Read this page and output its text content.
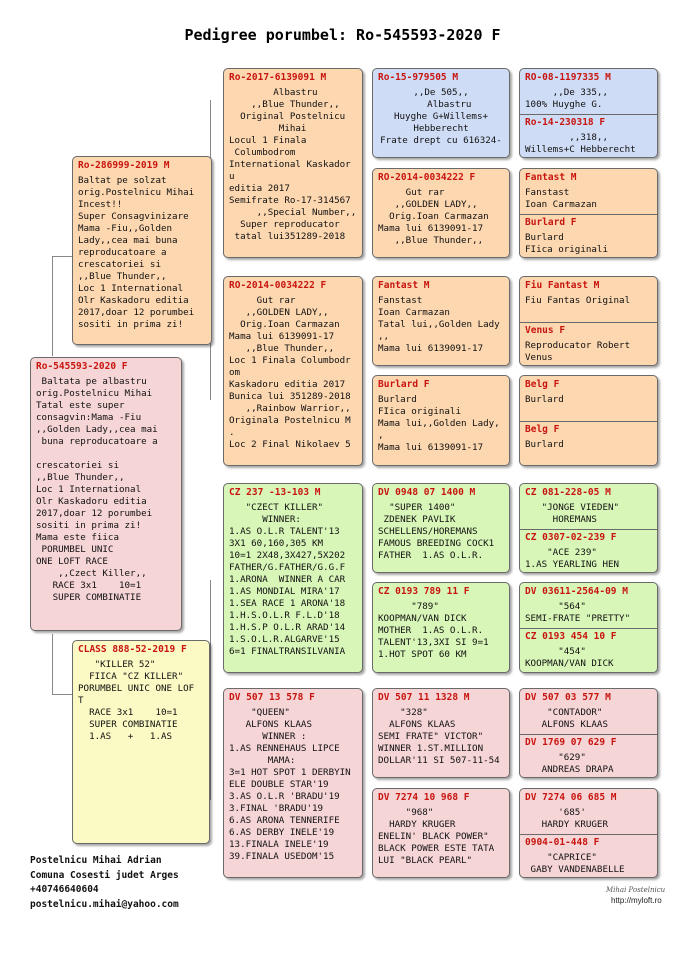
Pedigree porumbel: Ro-545593-2020 F
Ro-545593-2020 F
Baltata pe albastru
orig.Postelnicu Mihai
Tatal este super
consagvin:Mama -Fiu
,,Golden Lady,,cea mai
buna reproducatoare a

crescatoriei si
,,Blue Thunder,,
Loc 1 International
Olr Kaskadoru editia
2017,doar 12 porumbei
sositi in prima zi!
Mama este fiica
PORUMBEL UNIC
ONE LOFT RACE
,,Czect Killer,,
RACE 3x1    10=1
SUPER COMBINATIE
Ro-286999-2019 M
Baltat pe solzat
orig.Postelnicu Mihai
Incest!!
Super Consagvinizare
Mama -Fiu,,Golden
Lady,,cea mai buna
reproducatoare a
crescatoriei si
,,Blue Thunder,,
Loc 1 International
Olr Kaskadoru editia
2017,doar 12 porumbei
sositi in prima zi!
CLASS 888-52-2019 F
"KILLER 52"
FIICA "CZ KILLER"
PORUMBEL UNIC ONE LOF
T
RACE 3x1    10=1
SUPER COMBINATIE
1.AS   +   1.AS
Ro-2017-6139091 M
Albastru
,,Blue Thunder,,
Original Postelnicu
Mihai
Locul 1 Finala
Columbodrom
International Kaskador
u
editia 2017
Semifrate Ro-17-314567
,,Special Number,,
Super reproducator
tatal lui351289-2018
RO-2014-0034222 F
Gut rar
,,GOLDEN LADY,,
Orig.Ioan Carmazan
Mama lui 6139091-17
,,Blue Thunder,,
Loc 1 Finala Columbodr
om
Kaskadoru editia 2017
Bunica lui 351289-2018
,,Rainbow Warrior,,
Originala Postelnicu M
.
Loc 2 Final Nikolaev 5
CZ 237 -13-103 M
"CZECT KILLER"
WINNER:
1.AS O.L.R TALENT'13
3X1 60,160,305 KM
10=1 2X48,3X427,5X202
FATHER/G.FATHER/G.G.F
1.ARONA  WINNER A CAR
1.AS MONDIAL MIRA'17
1.SEA RACE 1 ARONA'18
1.H.S.O.L.R F.L.D'18
1.H.S.P O.L.R ARAD'14
1.S.O.L.R.ALGARVE'15
6=1 FINALTRANSILVANIA
DV 507 13 578 F
"QUEEN"
ALFONS KLAAS
WINNER :
1.AS RENNEHAUS LIPCE
MAMA:
3=1 HOT SPOT 1 DERBYIN
ELE DOUBLE STAR'19
3.AS O.L.R 'BRADU'19
3.FINAL 'BRADU'19
6.AS ARONA TENNERIFE
6.AS DERBY INELE'19
13.FINALA INELE'19
39.FINALA USEDOM'15
Ro-15-979505 M
,,De 505,,
Albastru
Huyghe G+Willems+
Hebberecht
Frate drept cu 616324-
RO-2014-0034222 F
Gut rar
,,GOLDEN LADY,,
Orig.Ioan Carmazan
Mama lui 6139091-17
,,Blue Thunder,,
Fantast M
Fanstast
Ioan Carmazan
Tatal lui,,Golden Lady
,,
Mama lui 6139091-17
Burlard F
Burlard
FIica originali
Mama lui,,Golden Lady,
,
Mama lui 6139091-17
DV 0948 07 1400 M
"SUPER 1400"
ZDENEK PAVLIK
SCHELLENS/HOREMANS
FAMOUS BREEDING COCK1
FATHER  1.AS O.L.R.
CZ 0193 789 11 F
"789"
KOOPMAN/VAN DICK
MOTHER  1.AS O.L.R.
TALENT'13,3XI SI 9=1
1.HOT SPOT 60 KM
DV 507 11 1328 M
"328"
ALFONS KLAAS
SEMI FRATE" VICTOR"
WINNER 1.ST.MILLION
DOLLAR'11 SI 507-11-54
DV 7274 10 968 F
"968"
HARDY KRUGER
ENELIN' BLACK POWER"
BLACK POWER ESTE TATA
LUI "BLACK PEARL"
RO-08-1197335 M
,,De 335,,
100% Huyghe G.
Ro-14-230318 F
,,318,,
Willems+C Hebberecht
Fantast M
Fanstast
Ioan Carmazan
Burlard F
Burlard
FIica originali
Fiu Fantast M
Fiu Fantas Original
Venus F
Reproducator Robert
Venus
Belg F
Burlard
Belg F
Burlard
CZ 081-228-05 M
"JONGE VIEDEN"
HOREMANS
CZ 0307-02-239 F
"ACE 239"
1.AS YEARLING HEN
DV 03611-2564-09 M
"564"
SEMI-FRATE "PRETTY"
CZ 0193 454 10 F
"454"
KOOPMAN/VAN DICK
DV 507 03 577 M
"CONTADOR"
ALFONS KLAAS
DV 1769 07 629 F
"629"
ANDREAS DRAPA
DV 7274 06 685 M
'685'
HARDY KRUGER
0904-01-448 F
"CAPRICE"
GABY VANDENABELLE
Postelnicu Mihai Adrian
Comuna Cosesti judet Arges
+40746640604
postelnicu.mihai@yahoo.com
Mihai Postelnicu
http://myloft.ro
